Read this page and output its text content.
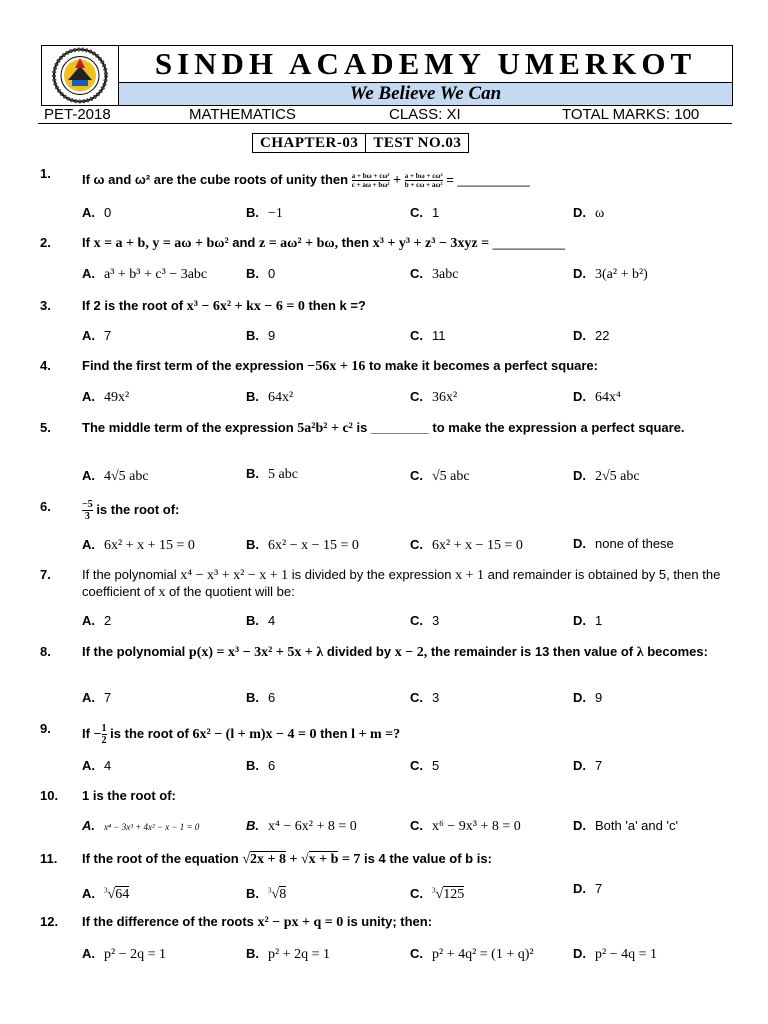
SINDH ACADEMY UMERKOT
We Believe We Can
PET-2018	MATHEMATICS	CLASS: XI	TOTAL MARKS: 100
CHAPTER-03	TEST NO.03
1.	If ω and ω² are the cube roots of unity then $\frac{\text{a + bω + cω²}}{\text{c + aω + bω²}} + \frac{\text{a + bω + cω²}}{\text{b + cω + aω²}}$ = __________
A. 0	B. −1	C. 1	D. ω
2.	If x = a + b, y = aω + bω² and z = aω² + bω, then x³ + y³ + z³ − 3xyz = __________
A. a³ + b³ + c³ − 3abc	B. 0	C. 3abc	D. 3(a² + b²)
3.	If 2 is the root of x³ − 6x² + kx − 6 = 0 then k =?
A. 7	B. 9	C. 11	D. 22
4.	Find the first term of the expression −56x + 16 to make it becomes a perfect square:
A. 49x²	B. 64x²	C. 36x²	D. 64x⁴
5.	The middle term of the expression 5a²b² + c² is ________ to make the expression a perfect square.
A. 4√5 abc	B. 5 abc	C. √5 abc	D. 2√5 abc
6.	$\frac{-5}{3}$ is the root of:
A. 6x² + x + 15 = 0	B. 6x² − x − 15 = 0	C. 6x² + x − 15 = 0	D. none of these
7.	If the polynomial x⁴ − x³ + x² − x + 1 is divided by the expression x + 1 and remainder is obtained by 5, then the coefficient of x of the quotient will be:
A. 2	B. 4	C. 3	D. 1
8.	If the polynomial p(x) = x³ − 3x² + 5x + λ divided by x − 2, the remainder is 13 then value of λ becomes:
A. 7	B. 6	C. 3	D. 9
9.	$If - \frac{1}{2}$ is the root of 6x² − (l + m)x − 4 = 0 then l + m =?
A. 4	B. 6	C. 5	D. 7
10.	1 is the root of:
A. x⁴ − 3x³ + 4x² − x − 1 = 0	B. x⁴ − 6x² + 8 = 0	C. x⁶ − 9x³ + 8 = 0	D. Both 'a' and 'c'
11.	If the root of the equation √2x + 8 + √x + b = 7 is 4 the value of b is:
A. $^3$√64	B. $^3$√8	C. $^3$√125	D. 7
12.	If the difference of the roots x² − px + q = 0 is unity; then:
A. p² − 2q = 1	B. p² + 2q = 1	C. p² + 4q² = (1 + q)²	D. p² − 4q = 1
